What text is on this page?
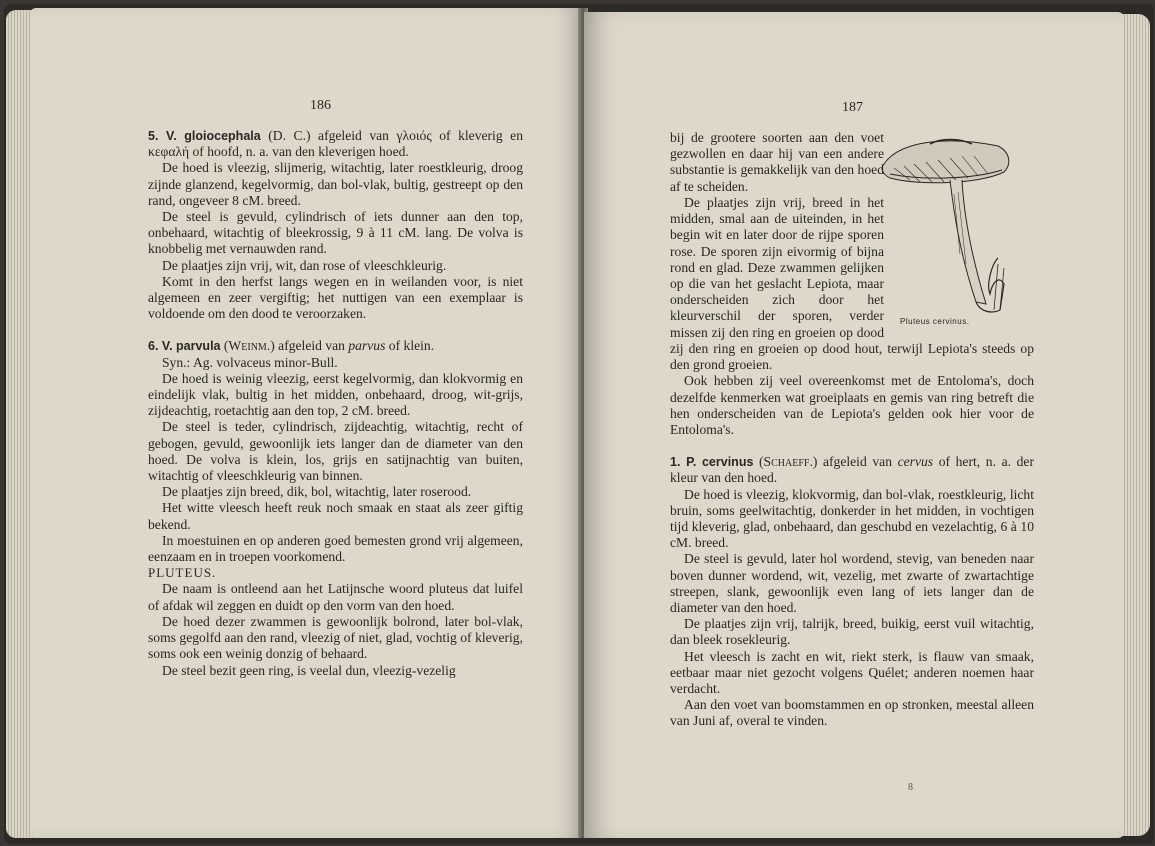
186

5. V. gloiocephala (D. C.) afgeleid van γλοιός of kleverig en κεφαλή of hoofd, n. a. van den kleverigen hoed.

De hoed is vleezig, slijmerig, witachtig, later roestkleurig, droog zijnde glanzend, kegelvormig, dan bol-vlak, bultig, gestreept op den rand, ongeveer 8 cM. breed.

De steel is gevuld, cylindrisch of iets dunner aan den top, onbehaard, witachtig of bleekrossig, 9 à 11 cM. lang. De volva is knobbelig met vernauwden rand.

De plaatjes zijn vrij, wit, dan rose of vleeschkleurig.

Komt in den herfst langs wegen en in weilanden voor, is niet algemeen en zeer vergiftig; het nuttigen van een exemplaar is voldoende om den dood te veroorzaken.

6. V. parvula (Weinm.) afgeleid van parvus of klein.

Syn.: Ag. volvaceus minor-Bull.

De hoed is weinig vleezig, eerst kegelvormig, dan klokvormig en eindelijk vlak, bultig in het midden, onbehaard, droog, wit-grijs, zijdeachtig, roetachtig aan den top, 2 cM. breed.

De steel is teder, cylindrisch, zijdeachtig, witachtig, recht of gebogen, gevuld, gewoonlijk iets langer dan de diameter van den hoed. De volva is klein, los, grijs en satijnachtig van buiten, witachtig of vleeschkleurig van binnen.

De plaatjes zijn breed, dik, bol, witachtig, later roserood.

Het witte vleesch heeft reuk noch smaak en staat als zeer giftig bekend.

In moestuinen en op anderen goed bemesten grond vrij algemeen, eenzaam en in troepen voorkomend.

PLUTEUS.

De naam is ontleend aan het Latijnsche woord pluteus dat luifel of afdak wil zeggen en duidt op den vorm van den hoed.

De hoed dezer zwammen is gewoonlijk bolrond, later bol-vlak, soms gegolfd aan den rand, vleezig of niet, glad, vochtig of kleverig, soms ook een weinig donzig of behaard.

De steel bezit geen ring, is veelal dun, vleezig-vezelig

187
Pluteus cervinus.

bij de grootere soorten aan den voet gezwollen en daar hij van een andere substantie is gemakkelijk van den hoed af te scheiden.

De plaatjes zijn vrij, breed in het midden, smal aan de uiteinden, in het begin wit en later door de rijpe sporen rose. De sporen zijn eivormig of bijna rond en glad. Deze zwammen gelijken op die van het geslacht Lepiota, maar onderscheiden zich door het kleurverschil der sporen, verder missen zij den ring en groeien op dood

zij den ring en groeien op dood hout, terwijl Lepiota's steeds op den grond groeien.

Ook hebben zij veel overeenkomst met de Entoloma's, doch dezelfde kenmerken wat groeiplaats en gemis van ring betreft die hen onderscheiden van de Lepiota's gelden ook hier voor de Entoloma's.

1. P. cervinus (Schaeff.) afgeleid van cervus of hert, n. a. der kleur van den hoed.

De hoed is vleezig, klokvormig, dan bol-vlak, roestkleurig, licht bruin, soms geelwitachtig, donkerder in het midden, in vochtigen tijd kleverig, glad, onbehaard, dan geschubd en vezelachtig, 6 à 10 cM. breed.

De steel is gevuld, later hol wordend, stevig, van beneden naar boven dunner wordend, wit, vezelig, met zwarte of zwartachtige streepen, slank, gewoonlijk even lang of iets langer dan de diameter van den hoed.

De plaatjes zijn vrij, talrijk, breed, buikig, eerst vuil witachtig, dan bleek rosekleurig.

Het vleesch is zacht en wit, riekt sterk, is flauw van smaak, eetbaar maar niet gezocht volgens Quélet; anderen noemen haar verdacht.

Aan den voet van boomstammen en op stronken, meestal alleen van Juni af, overal te vinden.

8
